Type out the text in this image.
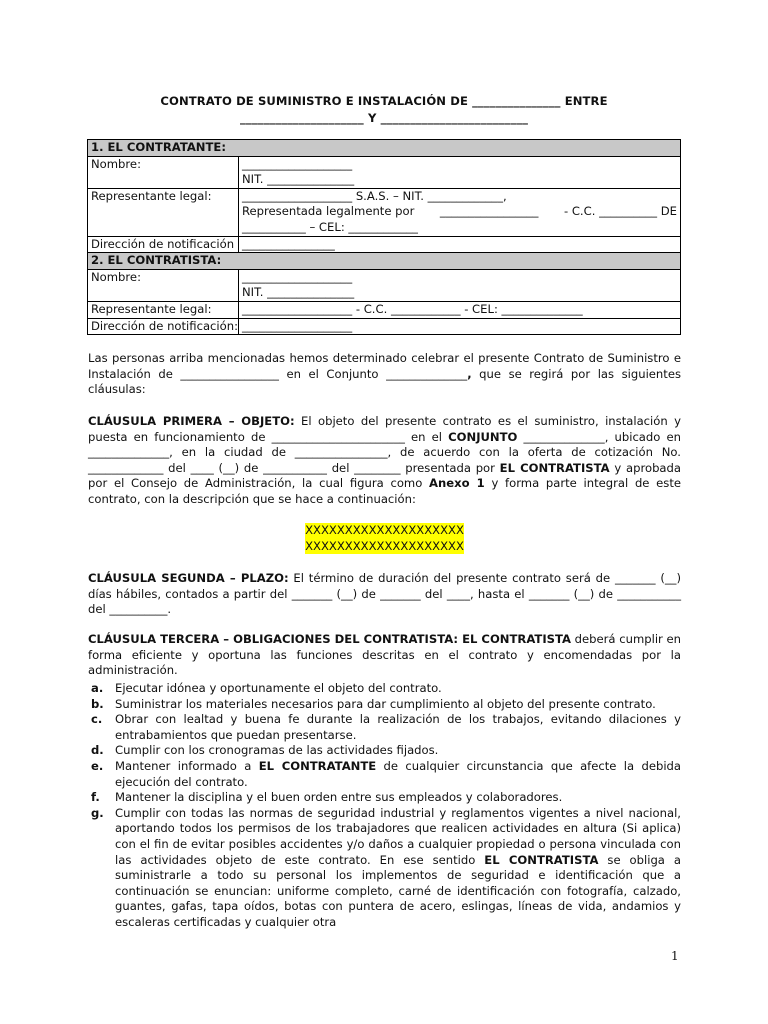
CONTRATO DE SUMINISTRO E INSTALACIÓN DE _______________ ENTRE
_____________________ Y _________________________
1. EL CONTRATANTE:	
Nombre:	___________________
NIT. _______________

Representante legal:	___________________ S.A.S. – NIT. _____________,
Representada legalmente por _________________ - C.C. __________ DE
___________ – CEL: ____________

Dirección de notificación	________________
2. EL CONTRATISTA:	
Nombre:	___________________
NIT. _______________

Representante legal:	___________________ - C.C. ____________ - CEL: ______________
Dirección de notificación:	___________________
Las personas arriba mencionadas hemos determinado celebrar el presente Contrato de Suministro e Instalación de _________________ en el Conjunto ______________, que se regirá por las siguientes cláusulas:
CLÁUSULA PRIMERA – OBJETO: El objeto del presente contrato es el suministro, instalación y puesta en funcionamiento de _______________________ en el CONJUNTO ______________, ubicado en ______________, en la ciudad de ________________, de acuerdo con la oferta de cotización No. _____________ del ____ (__) de ___________ del ________ presentada por EL CONTRATISTA y aprobada por el Consejo de Administración, la cual figura como Anexo 1 y forma parte integral de este contrato, con la descripción que se hace a continuación:
XXXXXXXXXXXXXXXXXXXX
XXXXXXXXXXXXXXXXXXXX
CLÁUSULA SEGUNDA – PLAZO: El término de duración del presente contrato será de _______ (__) días hábiles, contados a partir del _______ (__) de _______ del ____, hasta el _______ (__) de ___________ del __________.
CLÁUSULA TERCERA – OBLIGACIONES DEL CONTRATISTA: EL CONTRATISTA deberá cumplir en forma eficiente y oportuna las funciones descritas en el contrato y encomendadas por la administración.
a. Ejecutar idónea y oportunamente el objeto del contrato.
b. Suministrar los materiales necesarios para dar cumplimiento al objeto del presente contrato.
c. Obrar con lealtad y buena fe durante la realización de los trabajos, evitando dilaciones y entrabamientos que puedan presentarse.
d. Cumplir con los cronogramas de las actividades fijados.
e. Mantener informado a EL CONTRATANTE de cualquier circunstancia que afecte la debida ejecución del contrato.
f. Mantener la disciplina y el buen orden entre sus empleados y colaboradores.
g. Cumplir con todas las normas de seguridad industrial y reglamentos vigentes a nivel nacional, aportando todos los permisos de los trabajadores que realicen actividades en altura (Si aplica) con el fin de evitar posibles accidentes y/o daños a cualquier propiedad o persona vinculada con las actividades objeto de este contrato. En ese sentido EL CONTRATISTA se obliga a suministrarle a todo su personal los implementos de seguridad e identificación que a continuación se enuncian: uniforme completo, carné de identificación con fotografía, calzado, guantes, gafas, tapa oídos, botas con puntera de acero, eslingas, líneas de vida, andamios y escaleras certificadas y cualquier otra
1
